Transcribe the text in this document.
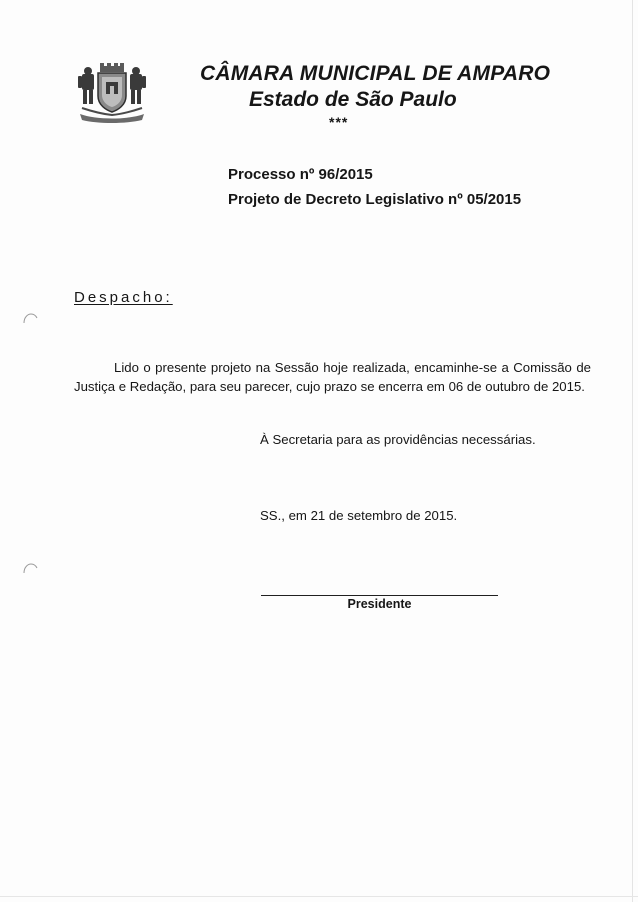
CÂMARA MUNICIPAL DE AMPARO
Estado de São Paulo
***
Processo nº 96/2015
Projeto de Decreto Legislativo nº 05/2015
Despacho:
Lido o presente projeto na Sessão hoje realizada, encaminhe-se a Comissão de Justiça e Redação, para seu parecer, cujo prazo se encerra em 06 de outubro de 2015.
À Secretaria para as providências necessárias.
SS., em 21 de setembro de 2015.
Presidente
